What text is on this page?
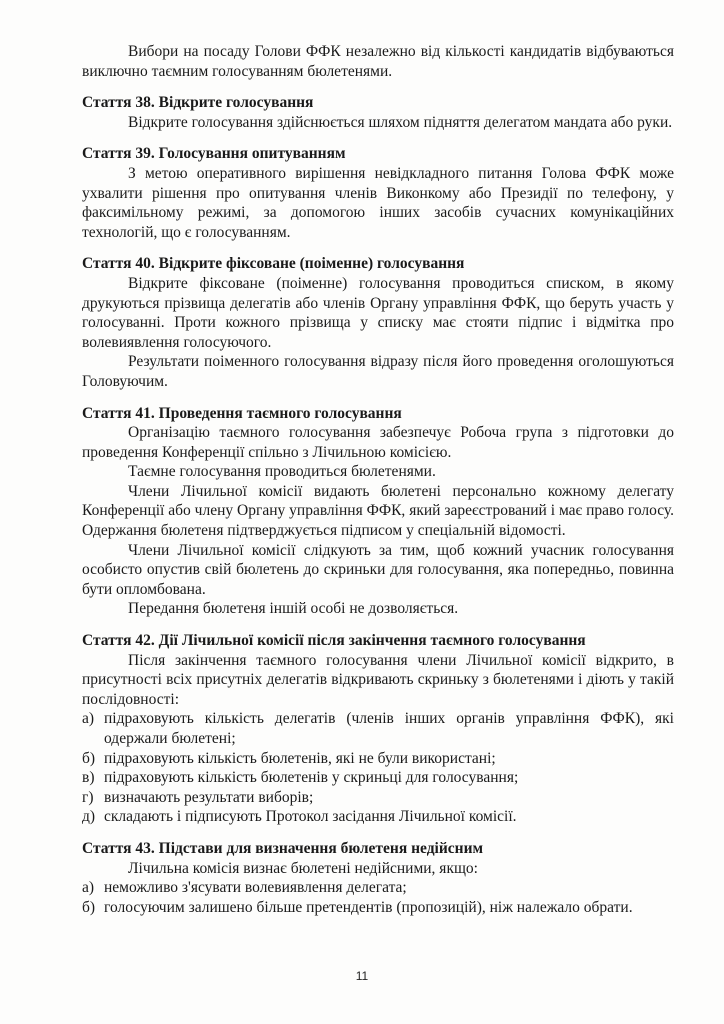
Вибори на посаду Голови ФФК незалежно від кількості кандидатів відбуваються виключно таємним голосуванням бюлетенями.

Стаття 38. Відкрите голосування

Відкрите голосування здійснюється шляхом підняття делегатом мандата або руки.

Стаття 39. Голосування опитуванням

З метою оперативного вирішення невідкладного питання Голова ФФК може ухвалити рішення про опитування членів Виконкому або Президії по телефону, у факсимільному режимі, за допомогою інших засобів сучасних комунікаційних технологій, що є голосуванням.

Стаття 40. Відкрите фіксоване (поіменне) голосування

Відкрите фіксоване (поіменне) голосування проводиться списком, в якому друкуються прізвища делегатів або членів Органу управління ФФК, що беруть участь у голосуванні. Проти кожного прізвища у списку має стояти підпис і відмітка про волевиявлення голосуючого.

Результати поіменного голосування відразу після його проведення оголошуються Головуючим.

Стаття 41. Проведення таємного голосування

Організацію таємного голосування забезпечує Робоча група з підготовки до проведення Конференції спільно з Лічильною комісією.

Таємне голосування проводиться бюлетенями.

Члени Лічильної комісії видають бюлетені персонально кожному делегату Конференції або члену Органу управління ФФК, який зареєстрований і має право голосу. Одержання бюлетеня підтверджується підписом у спеціальній відомості.

Члени Лічильної комісії слідкують за тим, щоб кожний учасник голосування особисто опустив свій бюлетень до скриньки для голосування, яка попередньо, повинна бути опломбована.

Передання бюлетеня іншій особі не дозволяється.

Стаття 42. Дії Лічильної комісії після закінчення таємного голосування

Після закінчення таємного голосування члени Лічильної комісії відкрито, в присутності всіх присутніх делегатів відкривають скриньку з бюлетенями і діють у такій послідовності:

а) підраховують кількість делегатів (членів інших органів управління ФФК), які одержали бюлетені;
б) підраховують кількість бюлетенів, які не були використані;
в) підраховують кількість бюлетенів у скриньці для голосування;
г) визначають результати виборів;
д) складають і підписують Протокол засідання Лічильної комісії.
Стаття 43. Підстави для визначення бюлетеня недійсним

Лічильна комісія визнає бюлетені недійсними, якщо:

а) неможливо з'ясувати волевиявлення делегата;
б) голосуючим залишено більше претендентів (пропозицій), ніж належало обрати.
11
